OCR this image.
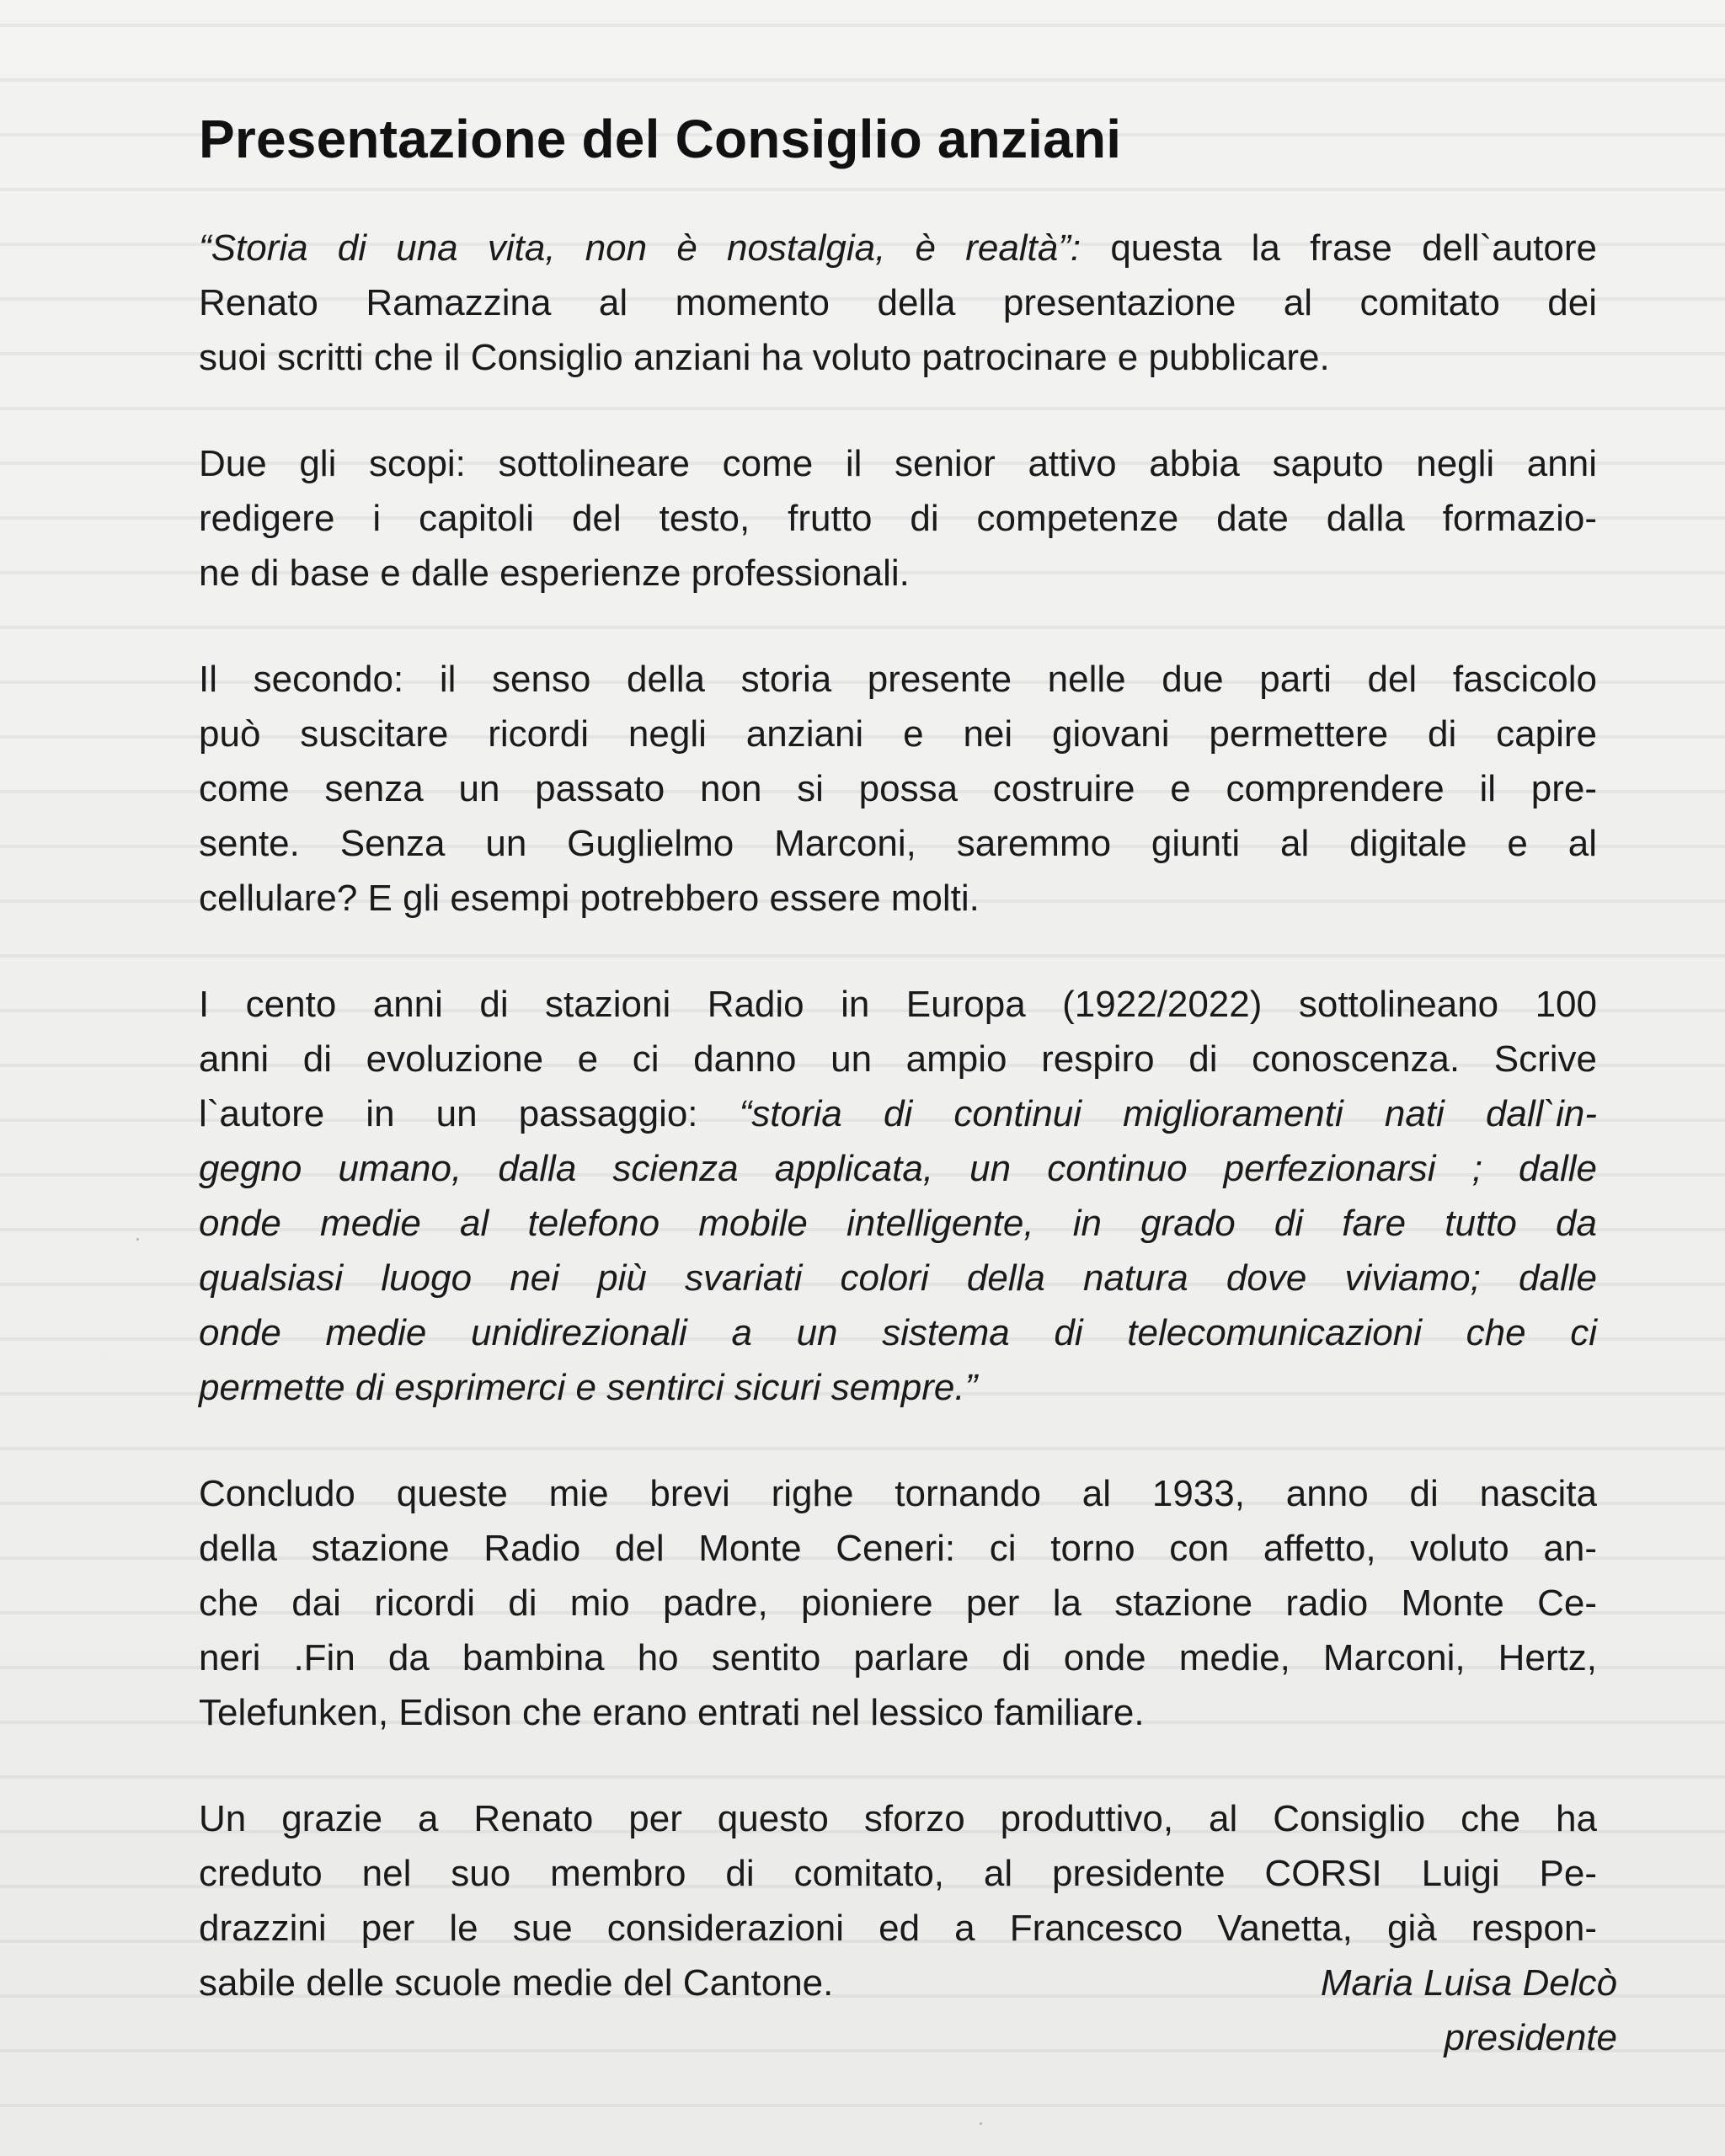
Presentazione del Consiglio anziani

“Storia di una vita, non è nostalgia, è realtà”: questa la frase dell`autore
Renato Ramazzina al momento della presentazione al comitato dei
suoi scritti che il Consiglio anziani ha voluto patrocinare e pubblicare.

Due gli scopi: sottolineare come il senior attivo abbia saputo negli anni
redigere i capitoli del testo, frutto di competenze date dalla formazio-
ne di base e dalle esperienze professionali.

Il secondo: il senso della storia presente nelle due parti del fascicolo
può suscitare ricordi negli anziani e nei giovani permettere di capire
come senza un passato non si possa costruire e comprendere il pre-
sente. Senza un Guglielmo Marconi, saremmo giunti al digitale e al
cellulare? E gli esempi potrebbero essere molti.

I cento anni di stazioni Radio in Europa (1922/2022) sottolineano 100
anni di evoluzione e ci danno un ampio respiro di conoscenza. Scrive
l`autore in un passaggio: “storia di continui miglioramenti nati dall`in-
gegno umano, dalla scienza applicata, un continuo perfezionarsi ; dalle
onde medie al telefono mobile intelligente, in grado di fare tutto da
qualsiasi luogo nei più svariati colori della natura dove viviamo; dalle
onde medie unidirezionali a un sistema di telecomunicazioni che ci
permette di esprimerci e sentirci sicuri sempre.”

Concludo queste mie brevi righe tornando al 1933, anno di nascita
della stazione Radio del Monte Ceneri: ci torno con affetto, voluto an-
che dai ricordi di mio padre, pioniere per la stazione radio Monte Ce-
neri .Fin da bambina ho sentito parlare di onde medie, Marconi, Hertz,
Telefunken, Edison che erano entrati nel lessico familiare.

Un grazie a Renato per questo sforzo produttivo, al Consiglio che ha
creduto nel suo membro di comitato, al presidente CORSI Luigi Pe-
drazzini per le sue considerazioni ed a Francesco Vanetta, già respon-
sabile delle scuole medie del Cantone.	Maria Luisa Delcò
presidente
